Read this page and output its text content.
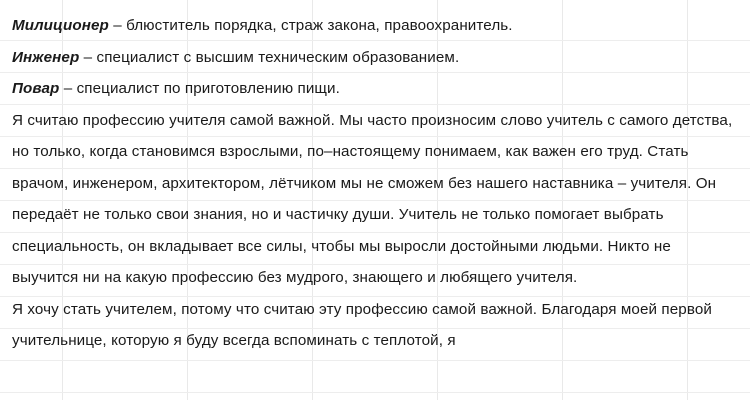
Милиционер – блюститель порядка, страж закона, правоохранитель.

Инженер – специалист с высшим техническим образованием.

Повар – специалист по приготовлению пищи.

Я считаю профессию учителя самой важной. Мы часто произносим слово учитель с самого детства, но только, когда становимся взрослыми, по–настоящему понимаем, как важен его труд. Стать врачом, инженером, архитектором, лётчиком мы не сможем без нашего наставника – учителя. Он передаёт не только свои знания, но и частичку души. Учитель не только помогает выбрать специальность, он вкладывает все силы, чтобы мы выросли достойными людьми. Никто не выучится ни на какую профессию без мудрого, знающего и любящего учителя.

Я хочу стать учителем, потому что считаю эту профессию самой важной. Благодаря моей первой учительнице, которую я буду всегда вспоминать с теплотой, я
